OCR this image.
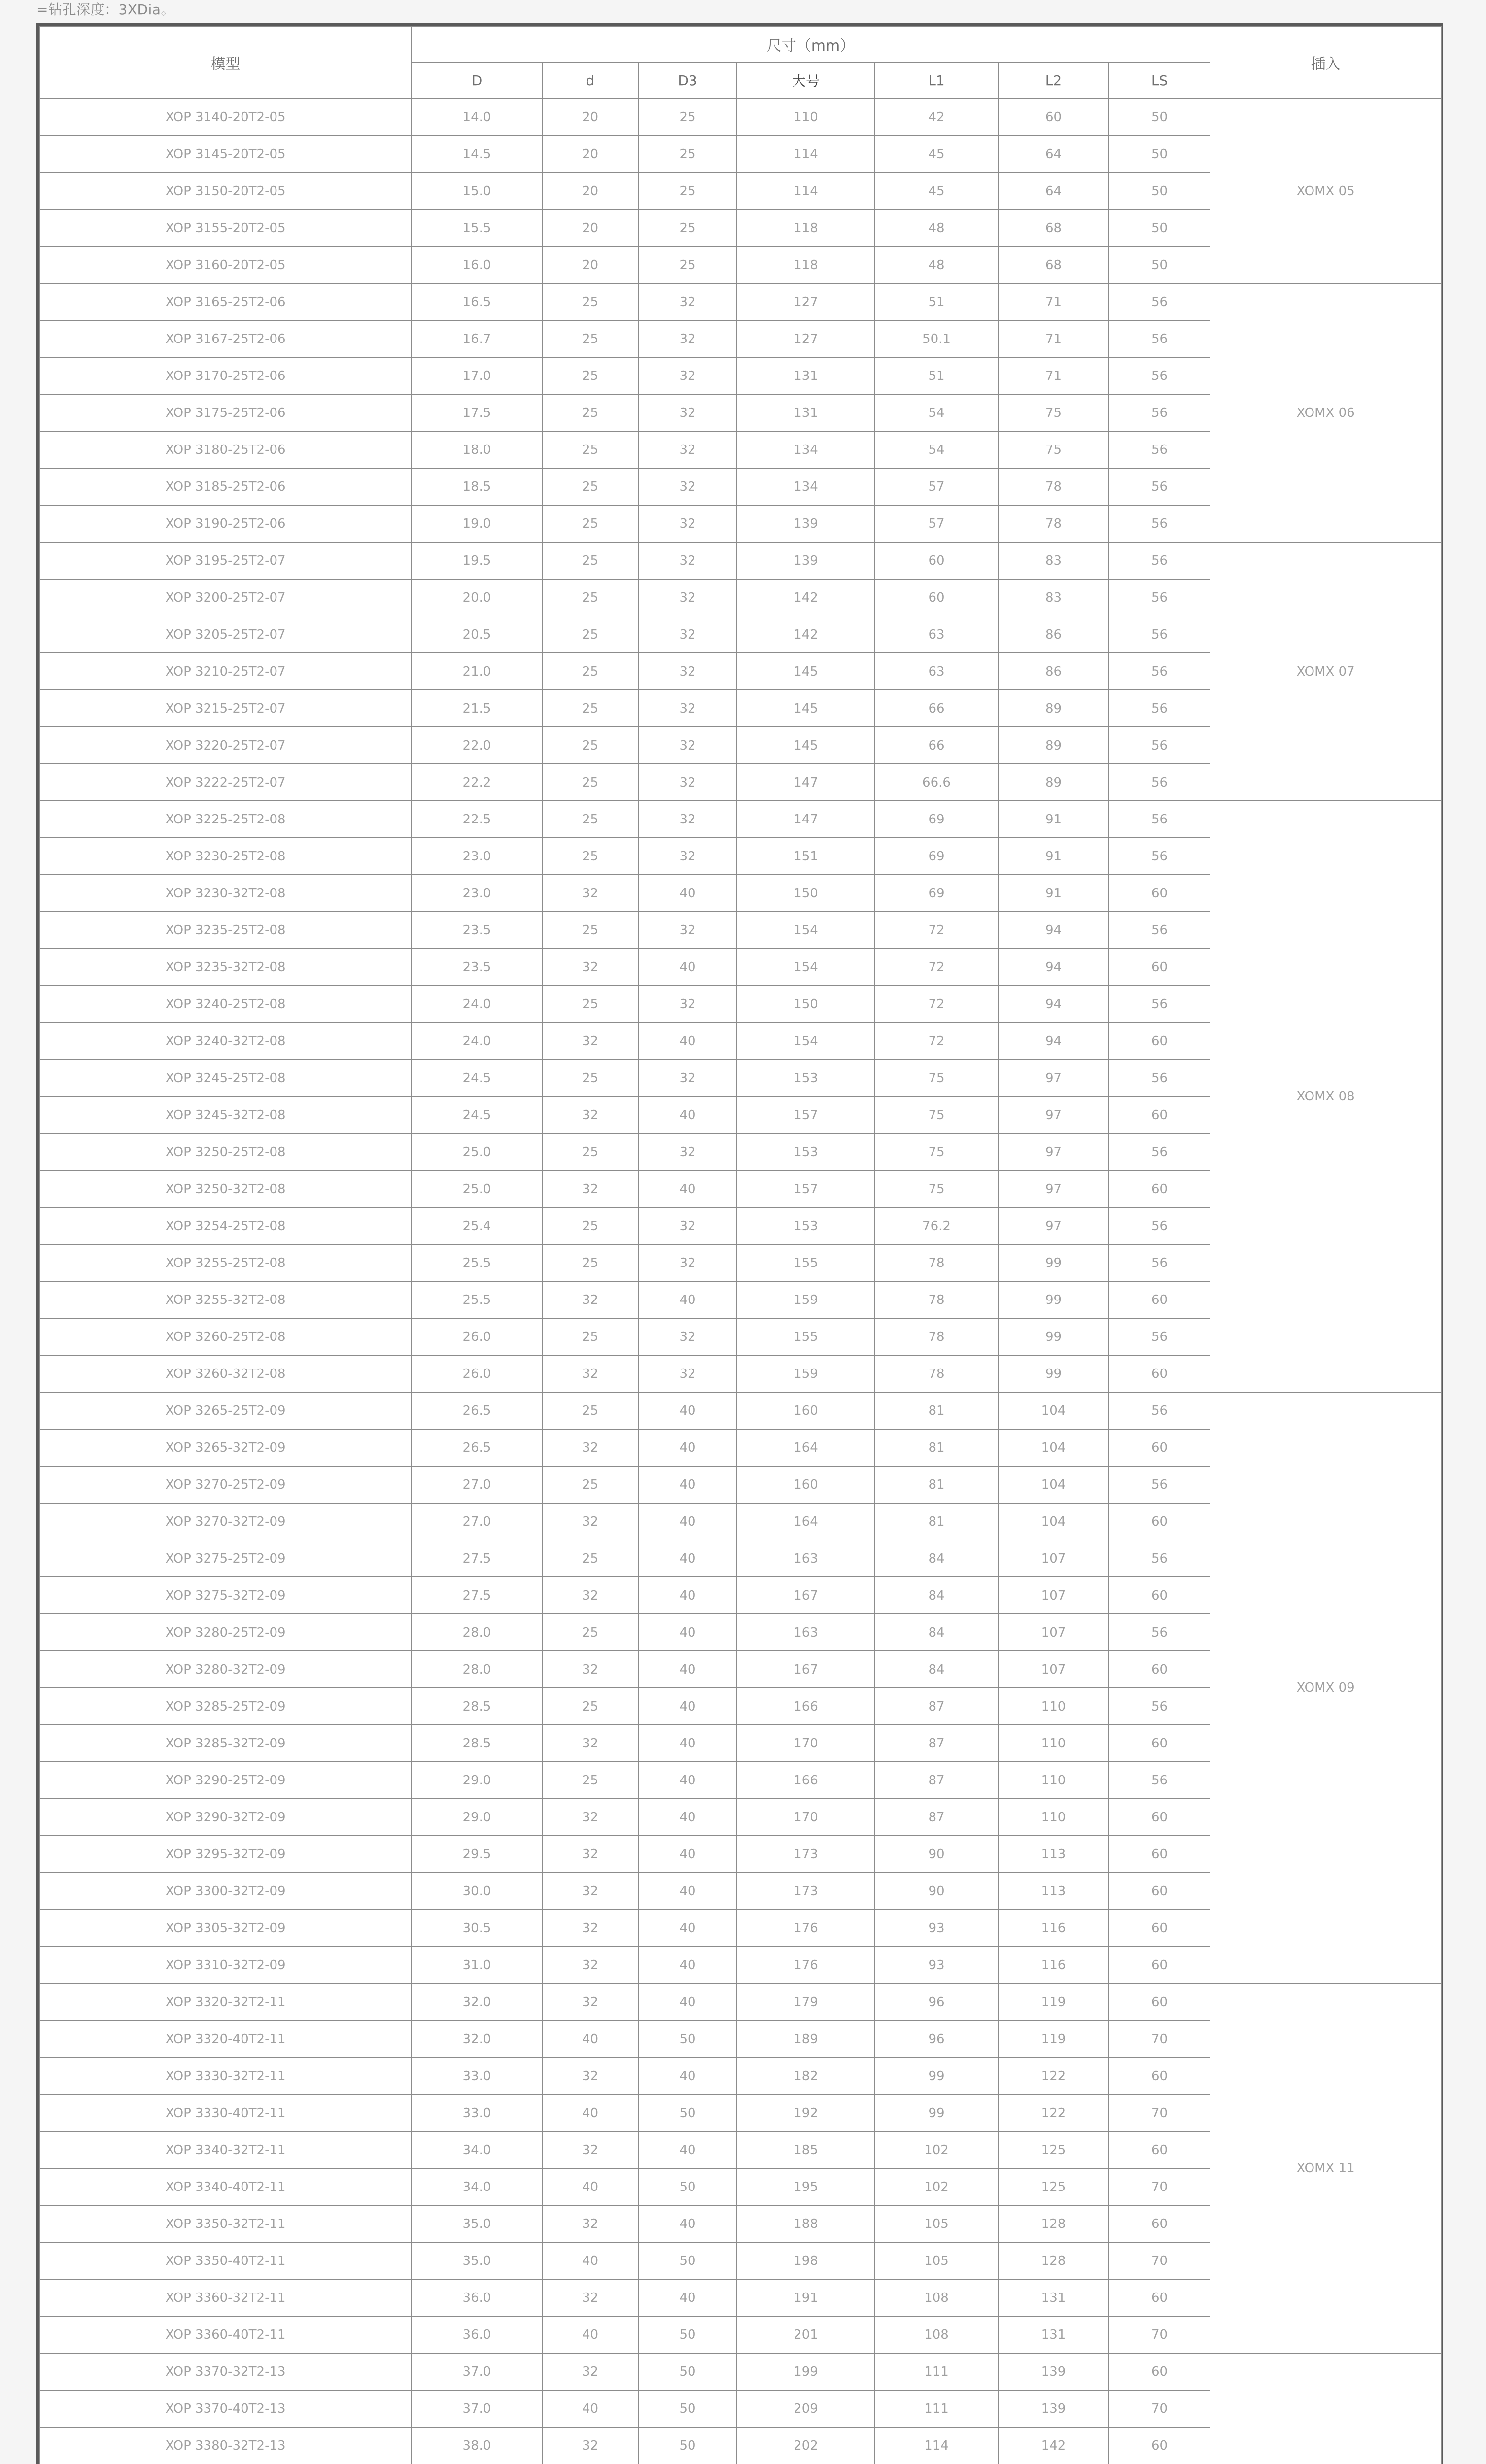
=钻孔深度：3XDia。
模型	尺寸（mm）							插入
	D	d	D3	大号	L1	L2	LS	
XOP 3140-20T2-05	14.0	20	25	110	42	60	50	XOMX 05
XOP 3145-20T2-05	14.5	20	25	114	45	64	50	
XOP 3150-20T2-05	15.0	20	25	114	45	64	50	
XOP 3155-20T2-05	15.5	20	25	118	48	68	50	
XOP 3160-20T2-05	16.0	20	25	118	48	68	50	
XOP 3165-25T2-06	16.5	25	32	127	51	71	56	XOMX 06
XOP 3167-25T2-06	16.7	25	32	127	50.1	71	56	
XOP 3170-25T2-06	17.0	25	32	131	51	71	56	
XOP 3175-25T2-06	17.5	25	32	131	54	75	56	
XOP 3180-25T2-06	18.0	25	32	134	54	75	56	
XOP 3185-25T2-06	18.5	25	32	134	57	78	56	
XOP 3190-25T2-06	19.0	25	32	139	57	78	56	
XOP 3195-25T2-07	19.5	25	32	139	60	83	56	XOMX 07
XOP 3200-25T2-07	20.0	25	32	142	60	83	56	
XOP 3205-25T2-07	20.5	25	32	142	63	86	56	
XOP 3210-25T2-07	21.0	25	32	145	63	86	56	
XOP 3215-25T2-07	21.5	25	32	145	66	89	56	
XOP 3220-25T2-07	22.0	25	32	145	66	89	56	
XOP 3222-25T2-07	22.2	25	32	147	66.6	89	56	
XOP 3225-25T2-08	22.5	25	32	147	69	91	56	XOMX 08
XOP 3230-25T2-08	23.0	25	32	151	69	91	56	
XOP 3230-32T2-08	23.0	32	40	150	69	91	60	
XOP 3235-25T2-08	23.5	25	32	154	72	94	56	
XOP 3235-32T2-08	23.5	32	40	154	72	94	60	
XOP 3240-25T2-08	24.0	25	32	150	72	94	56	
XOP 3240-32T2-08	24.0	32	40	154	72	94	60	
XOP 3245-25T2-08	24.5	25	32	153	75	97	56	
XOP 3245-32T2-08	24.5	32	40	157	75	97	60	
XOP 3250-25T2-08	25.0	25	32	153	75	97	56	
XOP 3250-32T2-08	25.0	32	40	157	75	97	60	
XOP 3254-25T2-08	25.4	25	32	153	76.2	97	56	
XOP 3255-25T2-08	25.5	25	32	155	78	99	56	
XOP 3255-32T2-08	25.5	32	40	159	78	99	60	
XOP 3260-25T2-08	26.0	25	32	155	78	99	56	
XOP 3260-32T2-08	26.0	32	32	159	78	99	60	
XOP 3265-25T2-09	26.5	25	40	160	81	104	56	XOMX 09
XOP 3265-32T2-09	26.5	32	40	164	81	104	60	
XOP 3270-25T2-09	27.0	25	40	160	81	104	56	
XOP 3270-32T2-09	27.0	32	40	164	81	104	60	
XOP 3275-25T2-09	27.5	25	40	163	84	107	56	
XOP 3275-32T2-09	27.5	32	40	167	84	107	60	
XOP 3280-25T2-09	28.0	25	40	163	84	107	56	
XOP 3280-32T2-09	28.0	32	40	167	84	107	60	
XOP 3285-25T2-09	28.5	25	40	166	87	110	56	
XOP 3285-32T2-09	28.5	32	40	170	87	110	60	
XOP 3290-25T2-09	29.0	25	40	166	87	110	56	
XOP 3290-32T2-09	29.0	32	40	170	87	110	60	
XOP 3295-32T2-09	29.5	32	40	173	90	113	60	
XOP 3300-32T2-09	30.0	32	40	173	90	113	60	
XOP 3305-32T2-09	30.5	32	40	176	93	116	60	
XOP 3310-32T2-09	31.0	32	40	176	93	116	60	
XOP 3320-32T2-11	32.0	32	40	179	96	119	60	XOMX 11
XOP 3320-40T2-11	32.0	40	50	189	96	119	70	
XOP 3330-32T2-11	33.0	32	40	182	99	122	60	
XOP 3330-40T2-11	33.0	40	50	192	99	122	70	
XOP 3340-32T2-11	34.0	32	40	185	102	125	60	
XOP 3340-40T2-11	34.0	40	50	195	102	125	70	
XOP 3350-32T2-11	35.0	32	40	188	105	128	60	
XOP 3350-40T2-11	35.0	40	50	198	105	128	70	
XOP 3360-32T2-11	36.0	32	40	191	108	131	60	
XOP 3360-40T2-11	36.0	40	50	201	108	131	70	
XOP 3370-32T2-13	37.0	32	50	199	111	139	60	
XOP 3370-40T2-13	37.0	40	50	209	111	139	70	
XOP 3380-32T2-13	38.0	32	50	202	114	142	60	
